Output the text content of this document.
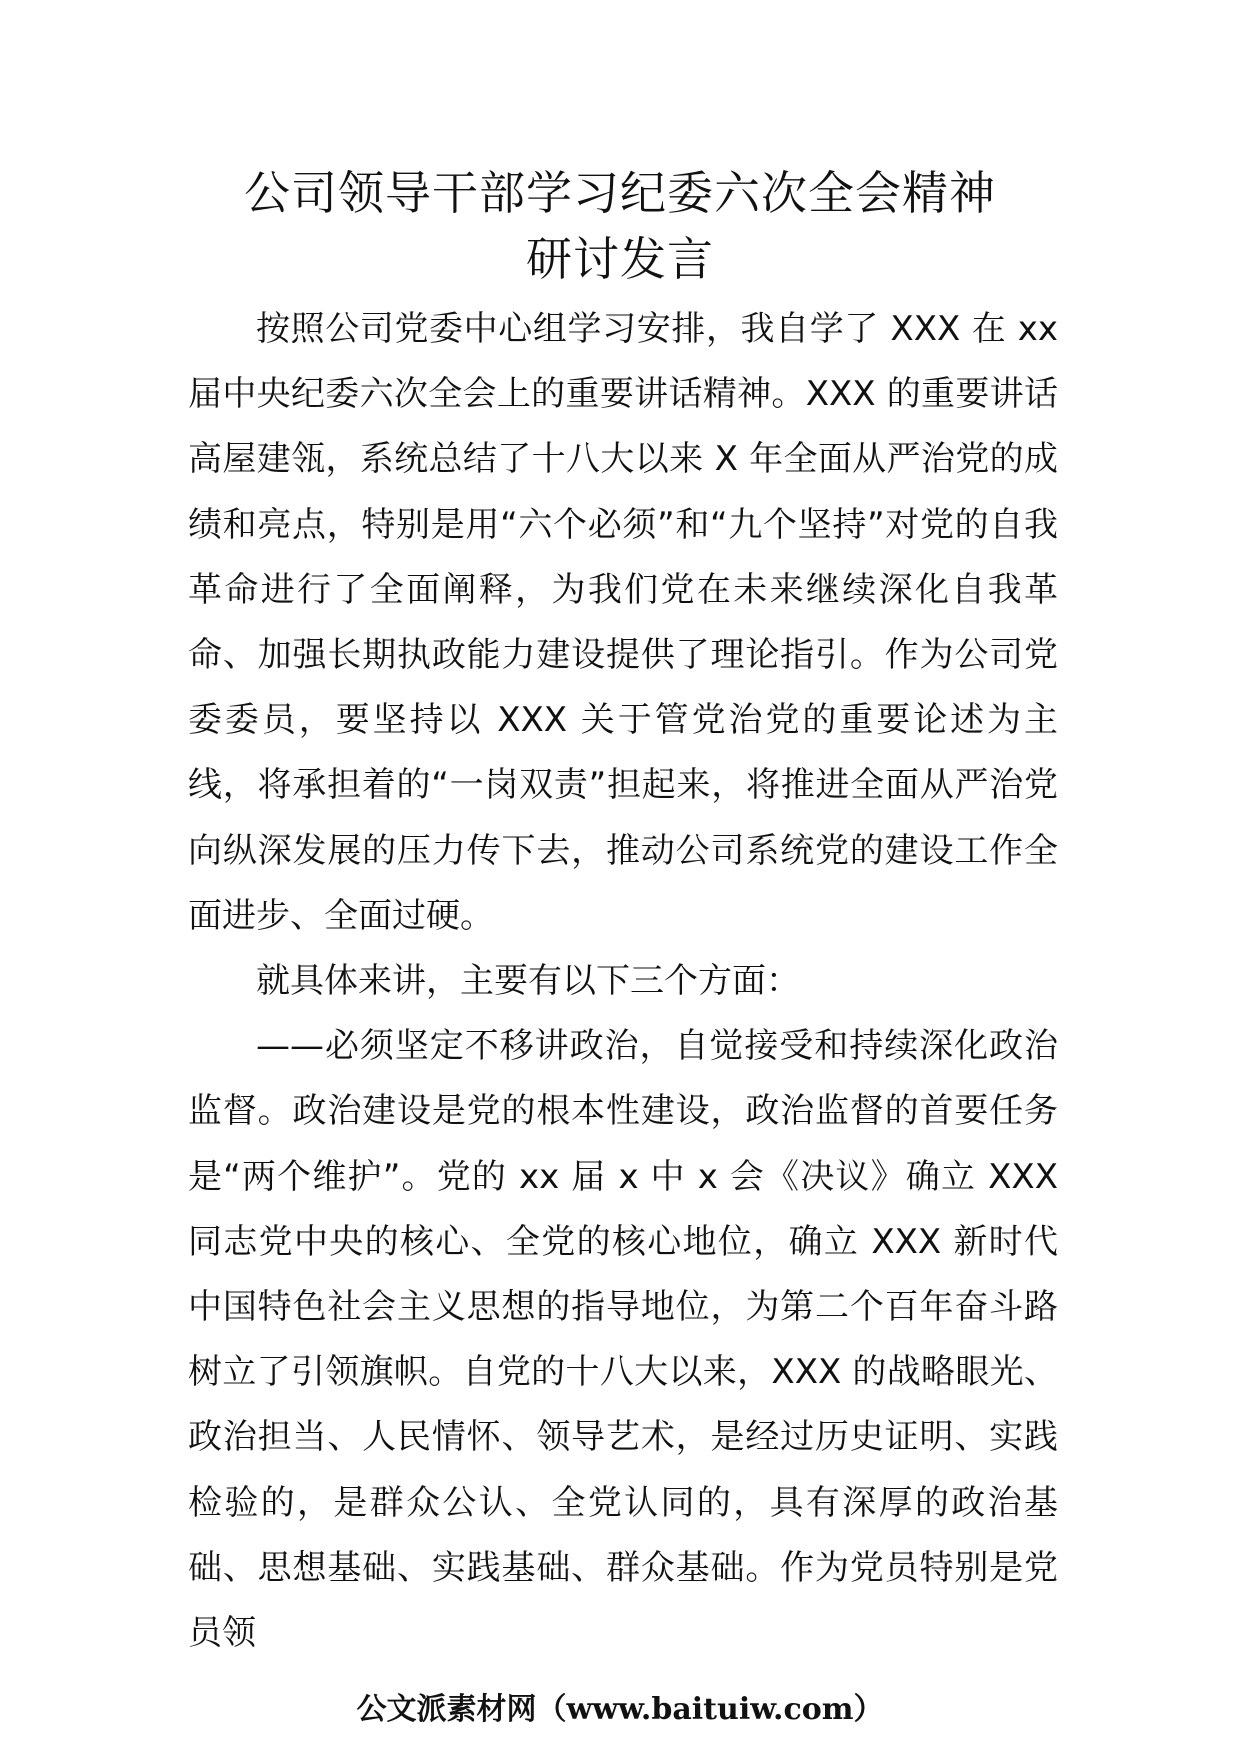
公司领导干部学习纪委六次全会精神
研讨发言

按照公司党委中心组学习安排，我自学了 XXX 在 xx 届中央纪委六次全会上的重要讲话精神。XXX 的重要讲话高屋建瓴，系统总结了十八大以来 X 年全面从严治党的成绩和亮点，特别是用“六个必须”和“九个坚持”对党的自我革命进行了全面阐释，为我们党在未来继续深化自我革命、加强长期执政能力建设提供了理论指引。作为公司党委委员，要坚持以 XXX 关于管党治党的重要论述为主线，将承担着的“一岗双责”担起来，将推进全面从严治党向纵深发展的压力传下去，推动公司系统党的建设工作全面进步、全面过硬。

就具体来讲，主要有以下三个方面：

——必须坚定不移讲政治，自觉接受和持续深化政治监督。政治建设是党的根本性建设，政治监督的首要任务是“两个维护”。党的 xx 届 x 中 x 会《决议》确立 XXX 同志党中央的核心、全党的核心地位，确立 XXX 新时代中国特色社会主义思想的指导地位，为第二个百年奋斗路树立了引领旗帜。自党的十八大以来，XXX 的战略眼光、政治担当、人民情怀、领导艺术，是经过历史证明、实践检验的，是群众公认、全党认同的，具有深厚的政治基础、思想基础、实践基础、群众基础。作为党员特别是党员领

公文派素材网（www.baituiw.com）
